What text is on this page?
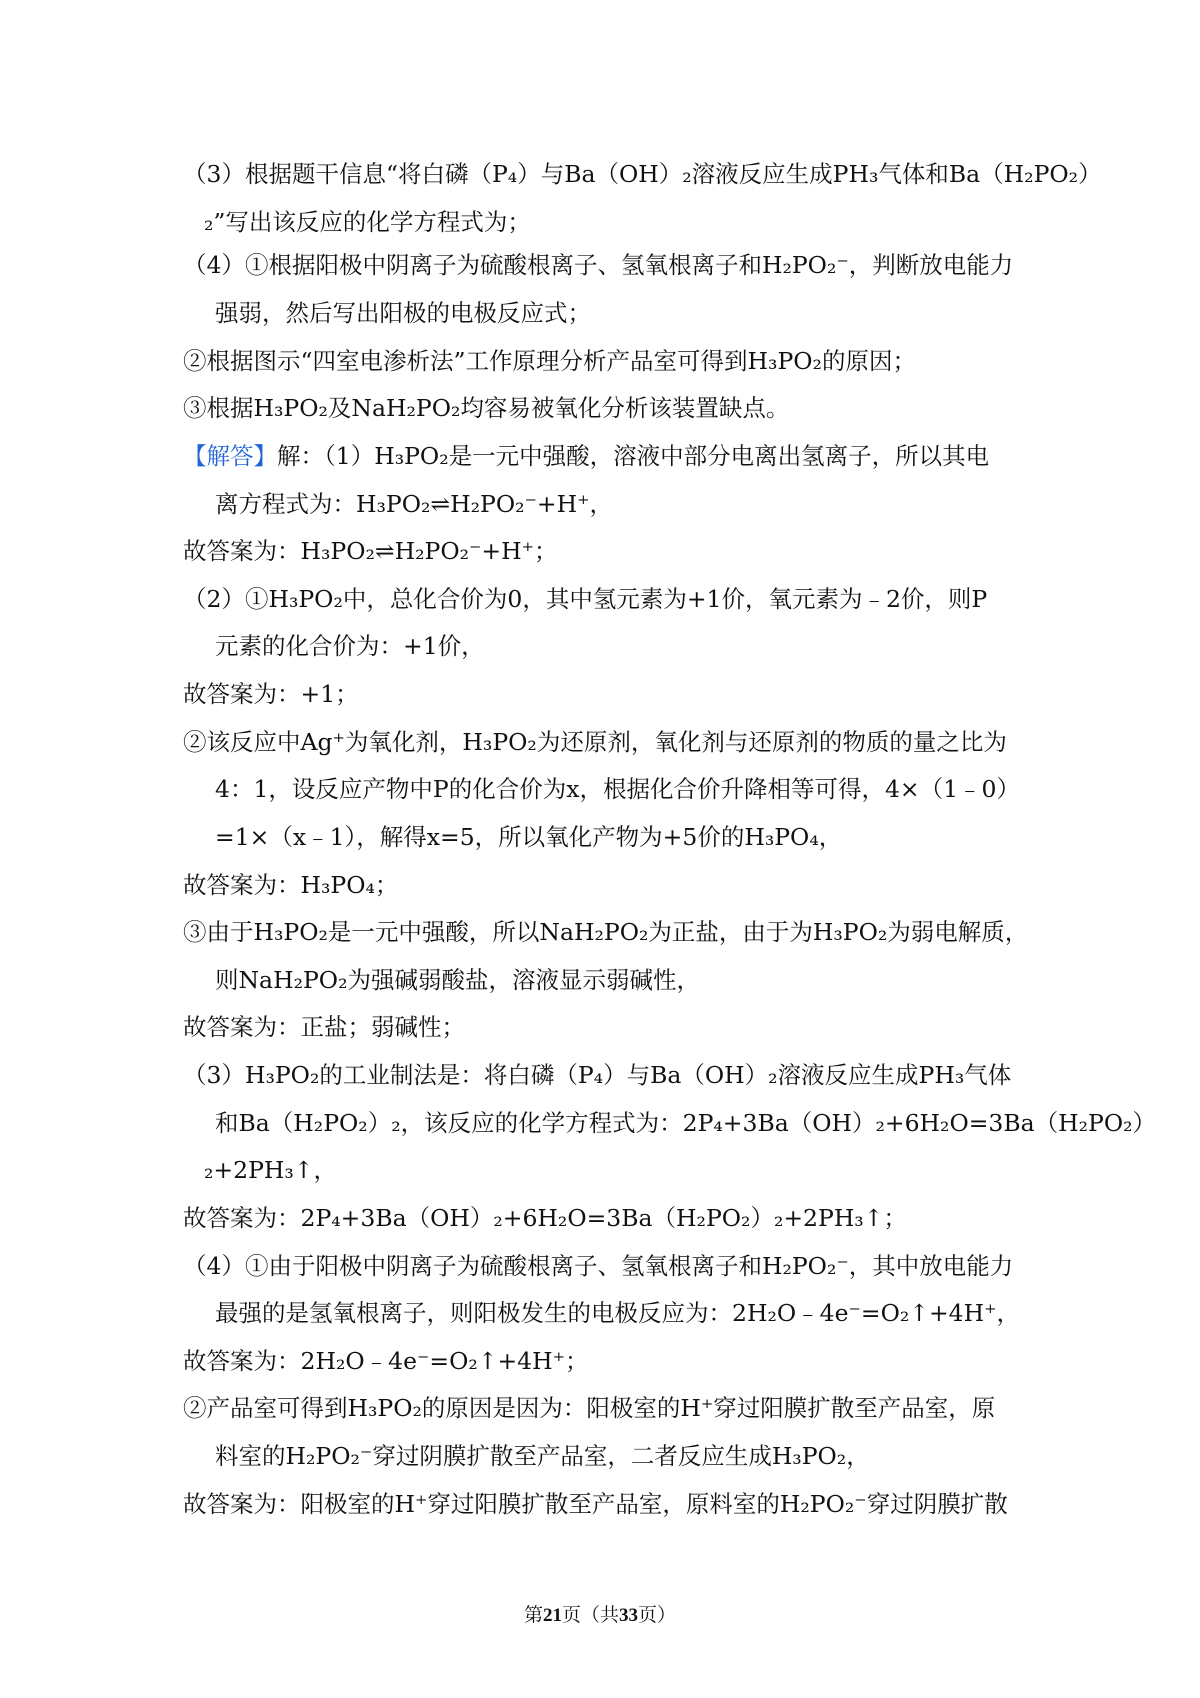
（3）根据题干信息“将白磷（P₄）与Ba（OH）₂溶液反应生成PH₃气体和Ba（H₂PO₂）
₂”写出该反应的化学方程式为；
（4）①根据阳极中阴离子为硫酸根离子、氢氧根离子和H₂PO₂⁻，判断放电能力
强弱，然后写出阳极的电极反应式；
②根据图示“四室电渗析法”工作原理分析产品室可得到H₃PO₂的原因；
③根据H₃PO₂及NaH₂PO₂均容易被氧化分析该装置缺点。
【解答】解：（1）H₃PO₂是一元中强酸，溶液中部分电离出氢离子，所以其电
离方程式为：H₃PO₂⇌H₂PO₂⁻+H⁺，
故答案为：H₃PO₂⇌H₂PO₂⁻+H⁺；
（2）①H₃PO₂中，总化合价为0，其中氢元素为+1价，氧元素为﹣2价，则P
元素的化合价为：+1价，
故答案为：+1；
②该反应中Ag⁺为氧化剂，H₃PO₂为还原剂，氧化剂与还原剂的物质的量之比为
4：1，设反应产物中P的化合价为x，根据化合价升降相等可得，4×（1﹣0）
=1×（x﹣1），解得x=5，所以氧化产物为+5价的H₃PO₄，
故答案为：H₃PO₄；
③由于H₃PO₂是一元中强酸，所以NaH₂PO₂为正盐，由于为H₃PO₂为弱电解质，
则NaH₂PO₂为强碱弱酸盐，溶液显示弱碱性，
故答案为：正盐；弱碱性；
（3）H₃PO₂的工业制法是：将白磷（P₄）与Ba（OH）₂溶液反应生成PH₃气体
和Ba（H₂PO₂）₂，该反应的化学方程式为：2P₄+3Ba（OH）₂+6H₂O=3Ba（H₂PO₂）
₂+2PH₃↑，
故答案为：2P₄+3Ba（OH）₂+6H₂O=3Ba（H₂PO₂）₂+2PH₃↑；
（4）①由于阳极中阴离子为硫酸根离子、氢氧根离子和H₂PO₂⁻，其中放电能力
最强的是氢氧根离子，则阳极发生的电极反应为：2H₂O﹣4e⁻=O₂↑+4H⁺，
故答案为：2H₂O﹣4e⁻=O₂↑+4H⁺；
②产品室可得到H₃PO₂的原因是因为：阳极室的H⁺穿过阳膜扩散至产品室，原
料室的H₂PO₂⁻穿过阴膜扩散至产品室，二者反应生成H₃PO₂，
故答案为：阳极室的H⁺穿过阳膜扩散至产品室，原料室的H₂PO₂⁻穿过阴膜扩散
第21页（共33页）
